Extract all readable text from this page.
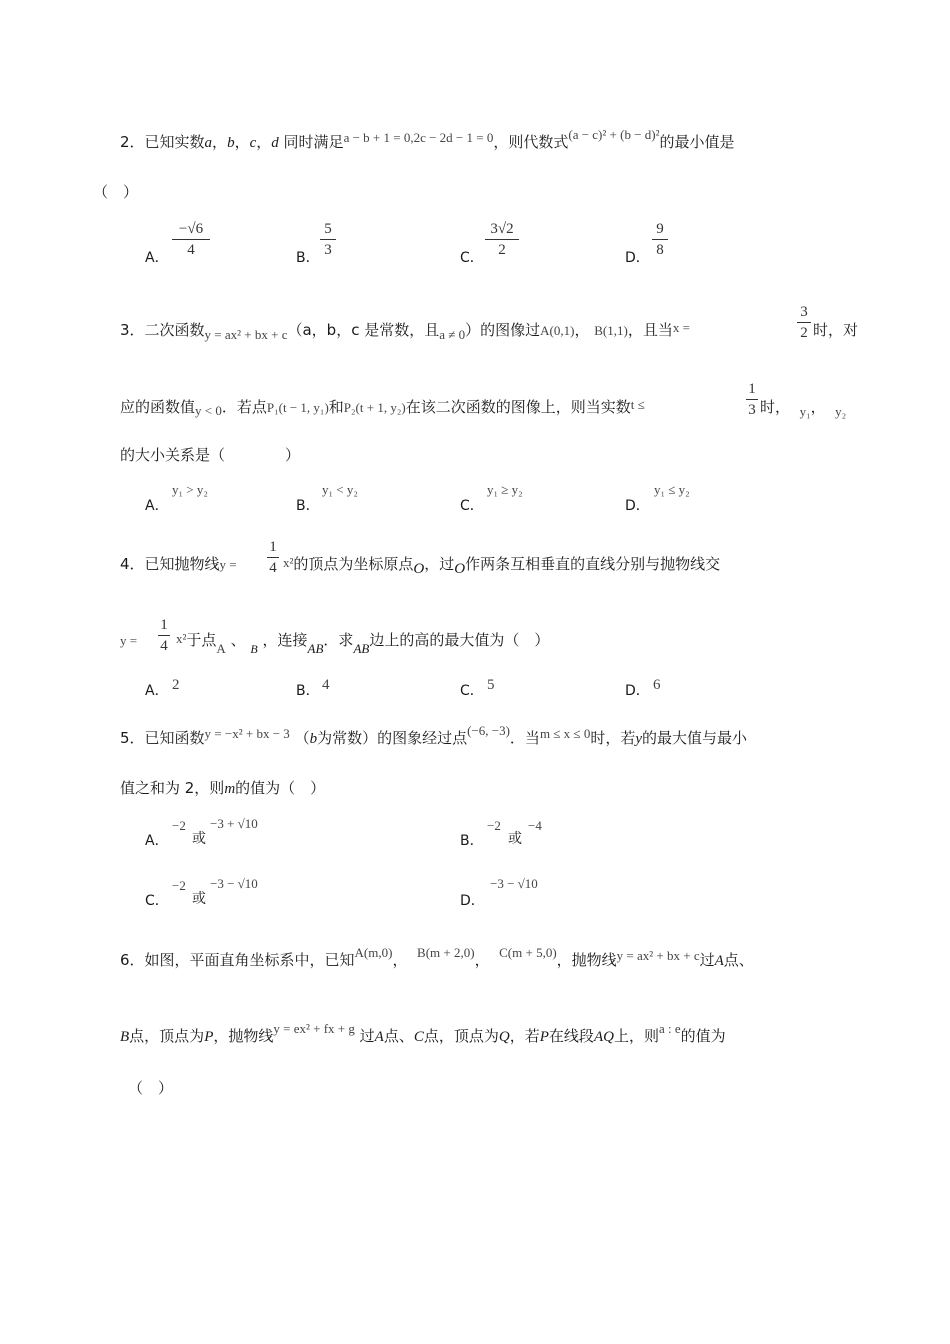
2．已知实数a，b，c，d 同时满足a − b + 1 = 0,2c − 2d − 1 = 0，则代数式(a − c)² + (b − d)²的最小值是
（　）
A．
−√6
4	B．
5
3	C．
3√2
2	D．
9
8
3．二次函数y = ax² + bx + c（a，b，c 是常数，且a ≠ 0）的图像过A(0,1)， B(1,1)，且当x =
3
2 时，对
应的函数值y < 0．若点P₁(t − 1, y₁)和P₂(t + 1, y₂)在该二次函数的图像上，则当实数t ≤
1
3 时， y₁， y₂
的大小关系是（　　　　）
A．
y₁ > y₂
B．
y₁ < y₂
C．
y₁ ≥ y₂
D．
y₁ ≤ y₂
4．已知抛物线y =
1
4 x²的顶点为坐标原点O，过O作两条互相垂直的直线分别与抛物线交
y =
1
4 x²于点A 、 $_B$ ，连接AB．求AB边上的高的最大值为（　）
A． 2	B． 4	C． 5	D． 6
5．已知函数y = −x² + bx − 3 （b为常数）的图象经过点(−6, −3)．当m ≤ x ≤ 0时，若y的最大值与最小
值之和为 2，则m的值为（　）
A．
−2
或
−3 + √10
B．
−2
或
−4
C．
−2
或
−3 − √10
D．
−3 − √10
6．如图，平面直角坐标系中，已知A(m,0)， B(m + 2,0)， C(m + 5,0)，抛物线y = ax² + bx + c过A点、
B点，顶点为P，抛物线y = ex² + fx + g 过A点、C点，顶点为Q，若P在线段AQ上，则a : e的值为
（　）
